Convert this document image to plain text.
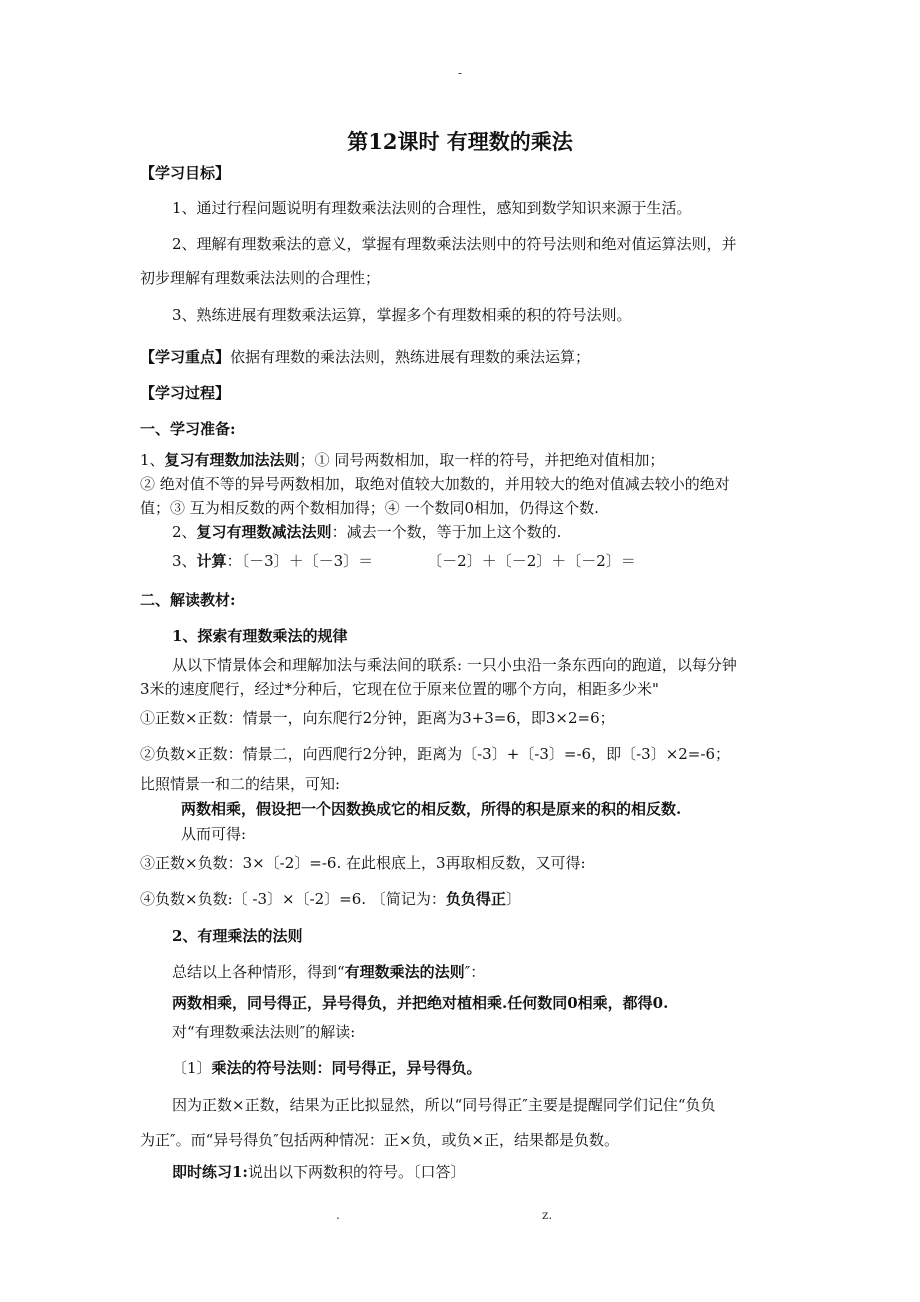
-
第12课时 有理数的乘法
【学习目标】
1、通过行程问题说明有理数乘法法则的合理性，感知到数学知识来源于生活。
2、理解有理数乘法的意义，掌握有理数乘法法则中的符号法则和绝对值运算法则，并
初步理解有理数乘法法则的合理性；
3、熟练进展有理数乘法运算，掌握多个有理数相乘的积的符号法则。
【学习重点】依据有理数的乘法法则，熟练进展有理数的乘法运算；
【学习过程】
一、学习准备:
1、复习有理数加法法则；① 同号两数相加，取一样的符号，并把绝对值相加；
② 绝对值不等的异号两数相加，取绝对值较大加数的，并用较大的绝对值减去较小的绝对
值；③ 互为相反数的两个数相加得；④ 一个数同0相加，仍得这个数.
2、复习有理数减法法则：减去一个数，等于加上这个数的.
3、计算：〔－3〕＋〔－3〕＝	〔－2〕＋〔－2〕＋〔－2〕＝
二、解读教材:
1、探索有理数乘法的规律
从以下情景体会和理解加法与乘法间的联系: 一只小虫沿一条东西向的跑道，以每分钟
3米的速度爬行，经过*分种后，它现在位于原来位置的哪个方向，相距多少米"
①正数×正数：情景一，向东爬行2分钟，距离为3+3=6，即3×2=6；
②负数×正数：情景二，向西爬行2分钟，距离为〔-3〕+〔-3〕=-6，即〔-3〕×2=-6；
比照情景一和二的结果，可知:
两数相乘，假设把一个因数换成它的相反数，所得的积是原来的积的相反数.
从而可得:
③正数×负数：3×〔-2〕=-6. 在此根底上，3再取相反数，又可得:
④负数×负数:〔 -3〕×〔-2〕=6. 〔简记为：负负得正〕
2、有理乘法的法则
总结以上各种情形，得到“有理数乘法的法则″：
两数相乘，同号得正，异号得负，并把绝对植相乘.任何数同0相乘，都得0.
对“有理数乘法法则″的解读:
〔1〕乘法的符号法则：同号得正，异号得负。
因为正数×正数，结果为正比拟显然，所以“同号得正″主要是提醒同学们记住“负负
为正″。而“异号得负″包括两种情况：正×负，或负×正，结果都是负数。
即时练习1:说出以下两数积的符号。〔口答〕
.	z.
